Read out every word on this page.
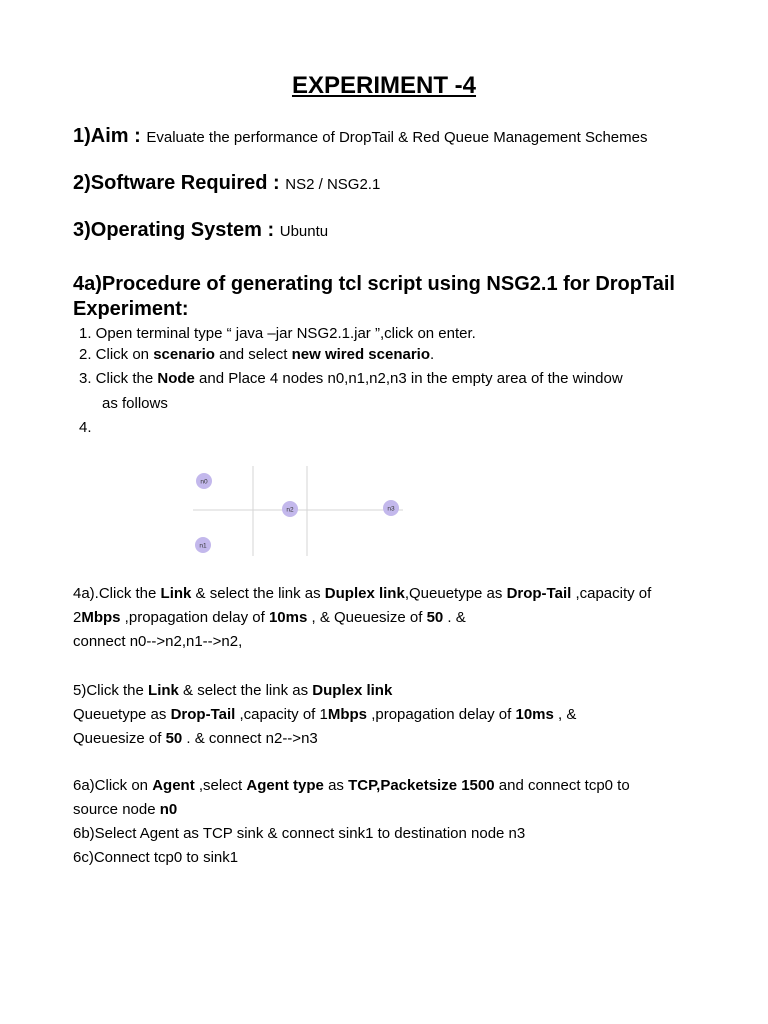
EXPERIMENT -4
1)Aim : Evaluate the performance of DropTail & Red Queue Management Schemes
2)Software Required : NS2 / NSG2.1
3)Operating System : Ubuntu
4a)Procedure of generating tcl script using NSG2.1 for DropTail
Experiment:
1. Open terminal type “ java –jar NSG2.1.jar ”,click on enter.
2. Click on scenario and select new wired scenario.
3. Click the Node and Place 4 nodes n0,n1,n2,n3 in the empty area of the window
as follows
4.
n0
n2	n3
n1
4a).Click the Link & select the link as Duplex link,Queuetype as Drop-Tail ,capacity of
2Mbps ,propagation delay of 10ms , & Queuesize of 50 . &
connect n0-->n2,n1-->n2,
5)Click the Link & select the link as Duplex link
Queuetype as Drop-Tail ,capacity of 1Mbps ,propagation delay of 10ms , &
Queuesize of 50 . & connect n2-->n3
6a)Click on Agent ,select Agent type as TCP,Packetsize 1500 and connect tcp0 to
source node n0
6b)Select Agent as TCP sink & connect sink1 to destination node n3
6c)Connect tcp0 to sink1
